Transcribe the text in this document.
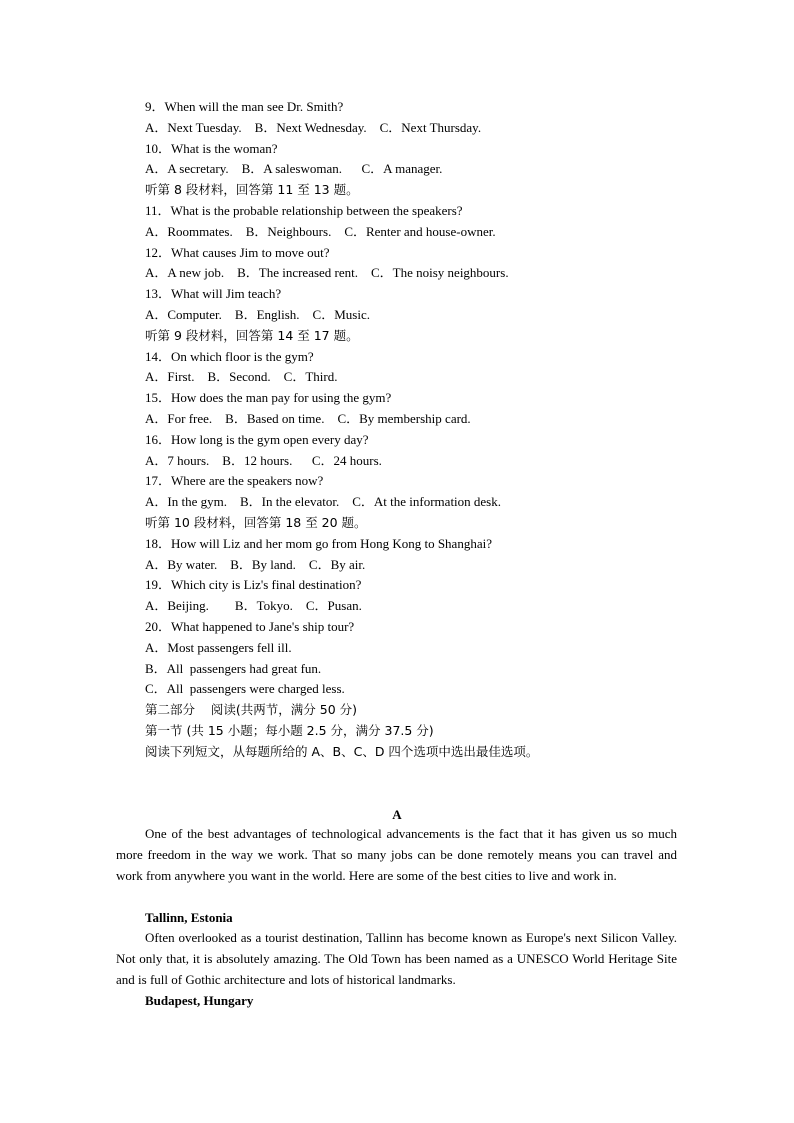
9．When will the man see Dr. Smith?
A．Next Tuesday.    B．Next Wednesday.    C．Next Thursday.
10．What is the woman?
A．A secretary.    B．A saleswoman.      C．A manager.
听第 8 段材料，回答第 11 至 13 题。
11．What is the probable relationship between the speakers?
A．Roommates.    B．Neighbours.    C．Renter and house-owner.
12．What causes Jim to move out?
A．A new job.    B．The increased rent.    C．The noisy neighbours.
13．What will Jim teach?
A．Computer.    B．English.    C．Music.
听第 9 段材料，回答第 14 至 17 题。
14．On which floor is the gym?
A．First.    B．Second.    C．Third.
15．How does the man pay for using the gym?
A．For free.    B．Based on time.    C．By membership card.
16．How long is the gym open every day?
A．7 hours.    B．12 hours.      C．24 hours.
17．Where are the speakers now?
A．In the gym.    B．In the elevator.    C．At the information desk.
听第 10 段材料，回答第 18 至 20 题。
18．How will Liz and her mom go from Hong Kong to Shanghai?
A．By water.    B．By land.    C．By air.
19．Which city is Liz's final destination?
A．Beijing.        B．Tokyo.    C．Pusan.
20．What happened to Jane's ship tour?
A．Most passengers fell ill.
B．All  passengers had great fun.
C．All  passengers were charged less.
第二部分    阅读(共两节，满分 50 分)
第一节 (共 15 小题；每小题 2.5 分，满分 37.5 分)
阅读下列短文，从每题所给的 A、B、C、D 四个选项中选出最佳选项。
A
One of the best advantages of technological advancements is the fact that it has given us so much more freedom in the way we work. That so many jobs can be done remotely means you can travel and work from anywhere you want in the world. Here are some of the best cities to live and work in.
Tallinn, Estonia
Often overlooked as a tourist destination, Tallinn has become known as Europe's next Silicon Valley. Not only that, it is absolutely amazing. The Old Town has been named as a UNESCO World Heritage Site and is full of Gothic architecture and lots of historical landmarks.
Budapest, Hungary
